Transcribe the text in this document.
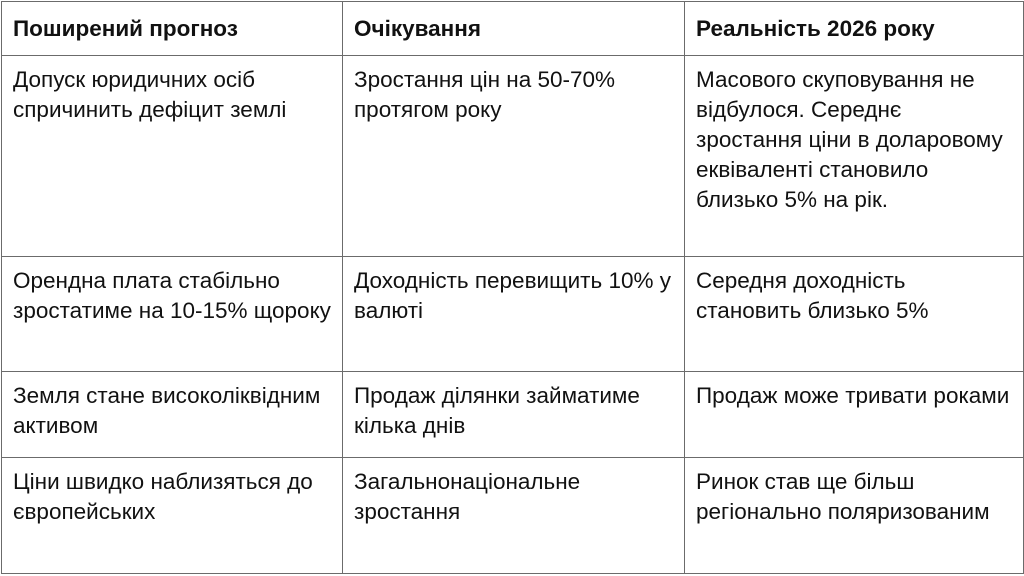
Поширений прогноз	Очікування	Реальність 2026 року

Допуск юридичних осіб спричинить дефіцит землі	Зростання цін на 50-70% протягом року	Масового скуповування не відбулося. Середнє зростання ціни в доларовому еквіваленті становило близько 5% на рік.

Орендна плата стабільно зростатиме на 10-15% щороку	Доходність перевищить 10% у валюті	Середня доходність становить близько 5%

Земля стане високоліквідним активом	Продаж ділянки займатиме кілька днів	Продаж може тривати роками

Ціни швидко наблизяться до європейських	Загальнонаціональне зростання	Ринок став ще більш регіонально поляризованим
